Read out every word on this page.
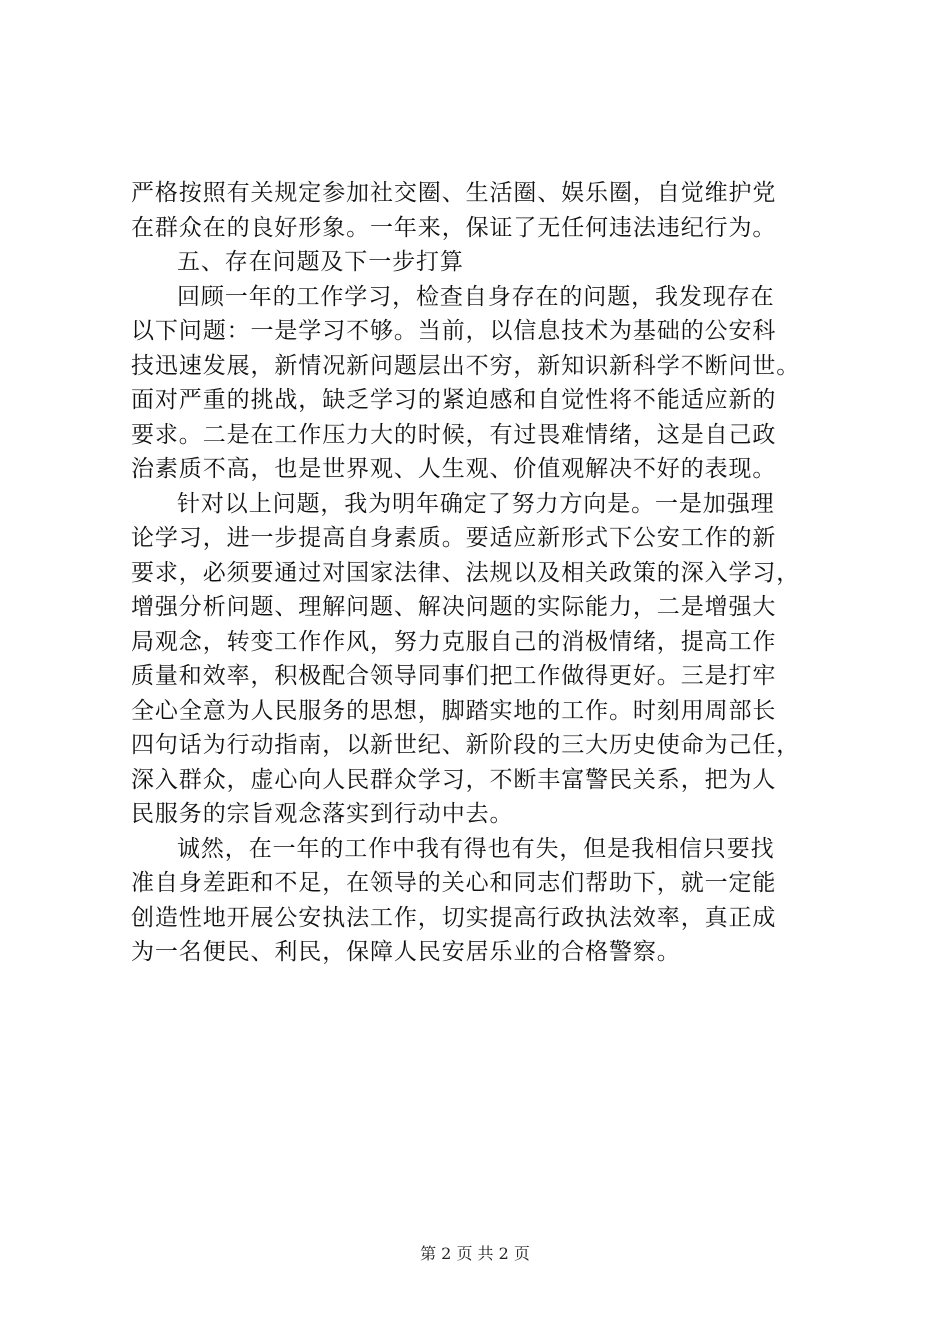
严格按照有关规定参加社交圈、生活圈、娱乐圈，自觉维护党
在群众在的良好形象。一年来，保证了无任何违法违纪行为。
五、存在问题及下一步打算
回顾一年的工作学习，检查自身存在的问题，我发现存在
以下问题：一是学习不够。当前，以信息技术为基础的公安科
技迅速发展，新情况新问题层出不穷，新知识新科学不断问世。
面对严重的挑战，缺乏学习的紧迫感和自觉性将不能适应新的
要求。二是在工作压力大的时候，有过畏难情绪，这是自己政
治素质不高，也是世界观、人生观、价值观解决不好的表现。
针对以上问题，我为明年确定了努力方向是。一是加强理
论学习，进一步提高自身素质。要适应新形式下公安工作的新
要求，必须要通过对国家法律、法规以及相关政策的深入学习，
增强分析问题、理解问题、解决问题的实际能力，二是增强大
局观念，转变工作作风，努力克服自己的消极情绪，提高工作
质量和效率，积极配合领导同事们把工作做得更好。三是打牢
全心全意为人民服务的思想，脚踏实地的工作。时刻用周部长
四句话为行动指南，以新世纪、新阶段的三大历史使命为己任，
深入群众，虚心向人民群众学习，不断丰富警民关系，把为人
民服务的宗旨观念落实到行动中去。
诚然，在一年的工作中我有得也有失，但是我相信只要找
准自身差距和不足，在领导的关心和同志们帮助下，就一定能
创造性地开展公安执法工作，切实提高行政执法效率，真正成
为一名便民、利民，保障人民安居乐业的合格警察。
第 2 页 共 2 页
